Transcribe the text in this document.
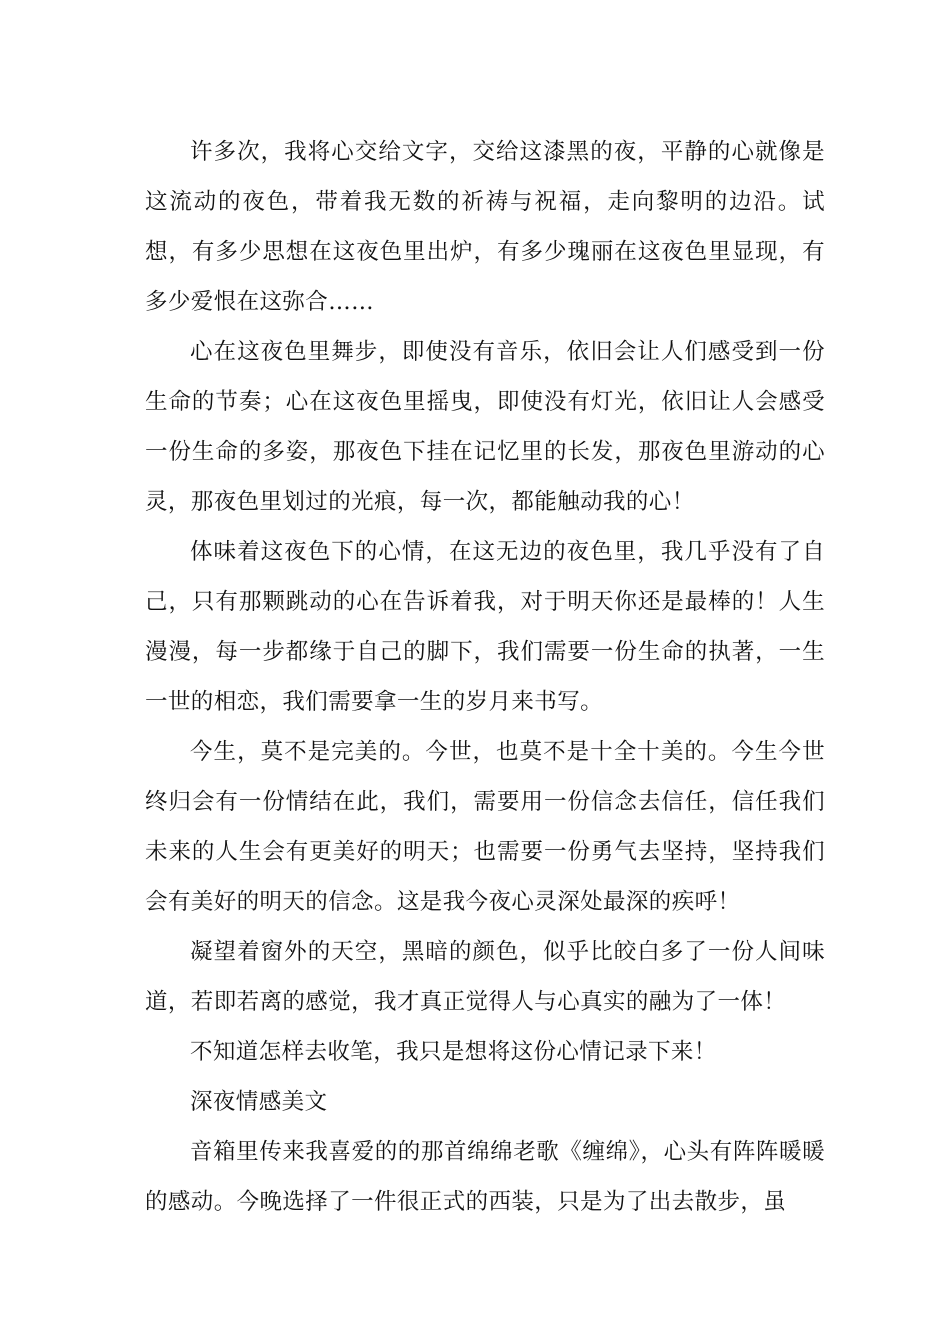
许多次，我将心交给文字，交给这漆黑的夜，平静的心就像是这流动的夜色，带着我无数的祈祷与祝福，走向黎明的边沿。试想，有多少思想在这夜色里出炉，有多少瑰丽在这夜色里显现，有多少爱恨在这弥合……

心在这夜色里舞步，即使没有音乐，依旧会让人们感受到一份生命的节奏；心在这夜色里摇曳，即使没有灯光，依旧让人会感受一份生命的多姿，那夜色下挂在记忆里的长发，那夜色里游动的心灵，那夜色里划过的光痕，每一次，都能触动我的心！

体味着这夜色下的心情，在这无边的夜色里，我几乎没有了自己，只有那颗跳动的心在告诉着我，对于明天你还是最棒的！人生漫漫，每一步都缘于自己的脚下，我们需要一份生命的执著，一生一世的相恋，我们需要拿一生的岁月来书写。

今生，莫不是完美的。今世，也莫不是十全十美的。今生今世终归会有一份情结在此，我们，需要用一份信念去信任，信任我们未来的人生会有更美好的明天；也需要一份勇气去坚持，坚持我们会有美好的明天的信念。这是我今夜心灵深处最深的疾呼！

凝望着窗外的天空，黑暗的颜色，似乎比皎白多了一份人间味道，若即若离的感觉，我才真正觉得人与心真实的融为了一体！

不知道怎样去收笔，我只是想将这份心情记录下来！

深夜情感美文

音箱里传来我喜爱的的那首绵绵老歌《缠绵》，心头有阵阵暖暖的感动。今晚选择了一件很正式的西装，只是为了出去散步，虽
